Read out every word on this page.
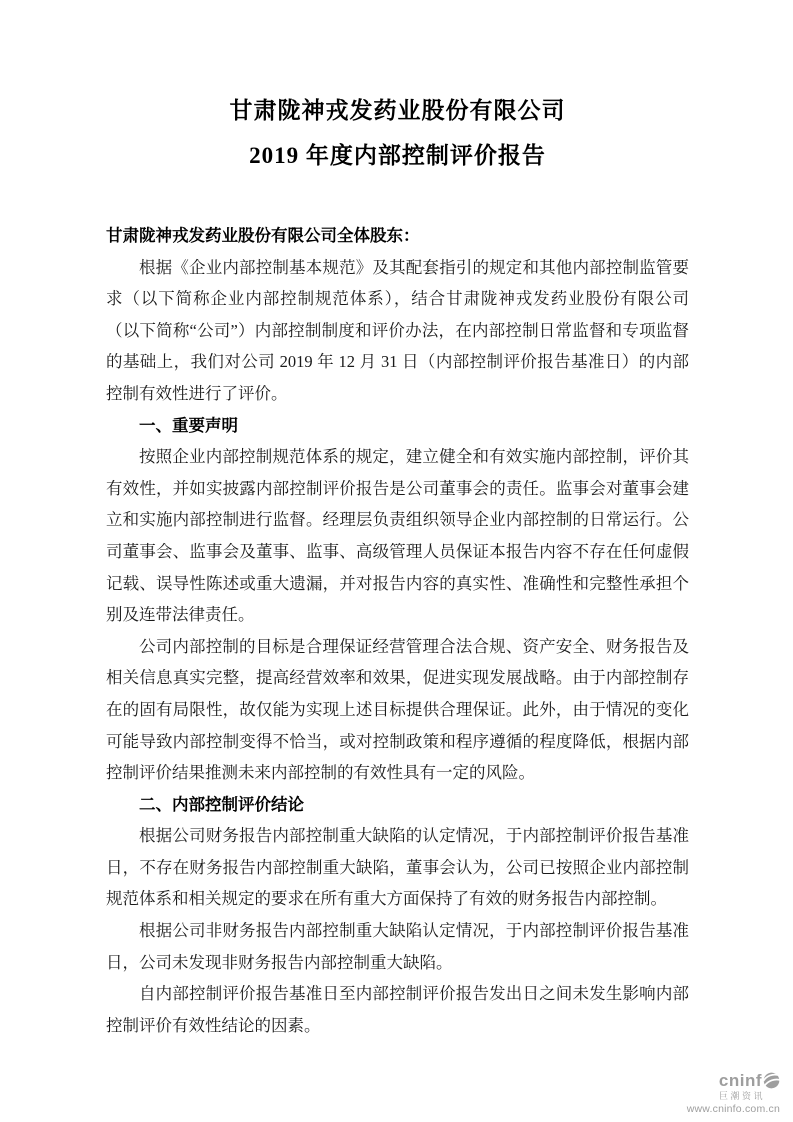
甘肃陇神戎发药业股份有限公司
2019 年度内部控制评价报告

甘肃陇神戎发药业股份有限公司全体股东：

根据《企业内部控制基本规范》及其配套指引的规定和其他内部控制监管要求（以下简称企业内部控制规范体系），结合甘肃陇神戎发药业股份有限公司（以下简称“公司”）内部控制制度和评价办法，在内部控制日常监督和专项监督的基础上，我们对公司 2019 年 12 月 31 日（内部控制评价报告基准日）的内部控制有效性进行了评价。

一、重要声明

按照企业内部控制规范体系的规定，建立健全和有效实施内部控制，评价其有效性，并如实披露内部控制评价报告是公司董事会的责任。监事会对董事会建立和实施内部控制进行监督。经理层负责组织领导企业内部控制的日常运行。公司董事会、监事会及董事、监事、高级管理人员保证本报告内容不存在任何虚假记载、误导性陈述或重大遗漏，并对报告内容的真实性、准确性和完整性承担个别及连带法律责任。

公司内部控制的目标是合理保证经营管理合法合规、资产安全、财务报告及相关信息真实完整，提高经营效率和效果，促进实现发展战略。由于内部控制存在的固有局限性，故仅能为实现上述目标提供合理保证。此外，由于情况的变化可能导致内部控制变得不恰当，或对控制政策和程序遵循的程度降低，根据内部控制评价结果推测未来内部控制的有效性具有一定的风险。

二、内部控制评价结论

根据公司财务报告内部控制重大缺陷的认定情况，于内部控制评价报告基准日，不存在财务报告内部控制重大缺陷，董事会认为，公司已按照企业内部控制规范体系和相关规定的要求在所有重大方面保持了有效的财务报告内部控制。

根据公司非财务报告内部控制重大缺陷认定情况，于内部控制评价报告基准日，公司未发现非财务报告内部控制重大缺陷。

自内部控制评价报告基准日至内部控制评价报告发出日之间未发生影响内部控制评价有效性结论的因素。

cninf
巨潮资讯
www.cninfo.com.cn
